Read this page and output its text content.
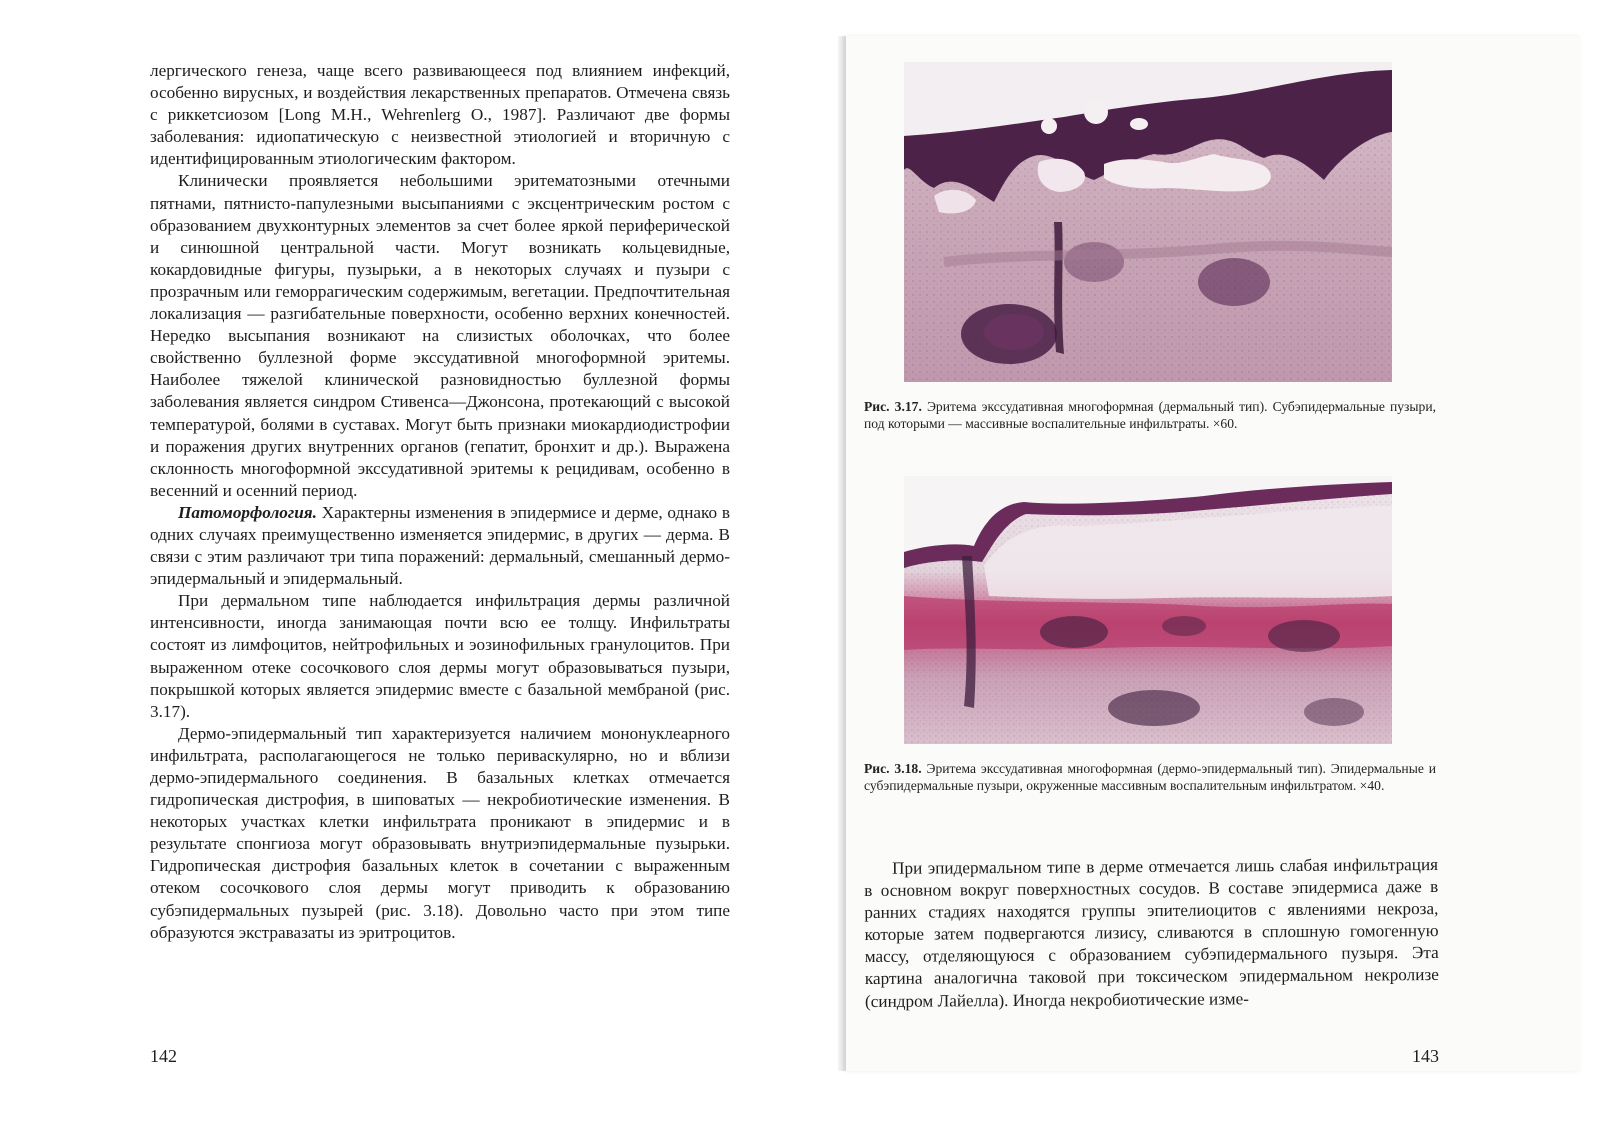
лергического генеза, чаще всего развивающееся под влиянием инфекций, особенно вирусных, и воздействия лекарственных препаратов. Отмечена связь с риккетсиозом [Long M.H., Wehrenlerg O., 1987]. Различают две формы заболевания: идиопатическую с неизвестной этиологией и вторичную с идентифицированным этиологическим фактором.

Клинически проявляется небольшими эритематозными отечными пятнами, пятнисто-папулезными высыпаниями с эксцентрическим ростом с образованием двухконтурных элементов за счет более яркой периферической и синюшной центральной части. Могут возникать кольцевидные, кокардовидные фигуры, пузырьки, а в некоторых случаях и пузыри с прозрачным или геморрагическим содержимым, вегетации. Предпочтительная локализация — разгибательные поверхности, особенно верхних конечностей. Нередко высыпания возникают на слизистых оболочках, что более свойственно буллезной форме экссудативной многоформной эритемы. Наиболее тяжелой клинической разновидностью буллезной формы заболевания является синдром Стивенса—Джонсона, протекающий с высокой температурой, болями в суставах. Могут быть признаки миокардиодистрофии и поражения других внутренних органов (гепатит, бронхит и др.). Выражена склонность многоформной экссудативной эритемы к рецидивам, особенно в весенний и осенний период.

Патоморфология. Характерны изменения в эпидермисе и дерме, однако в одних случаях преимущественно изменяется эпидермис, в других — дерма. В связи с этим различают три типа поражений: дермальный, смешанный дермо-эпидермальный и эпидермальный.

При дермальном типе наблюдается инфильтрация дермы различной интенсивности, иногда занимающая почти всю ее толщу. Инфильтраты состоят из лимфоцитов, нейтрофильных и эозинофильных гранулоцитов. При выраженном отеке сосочкового слоя дермы могут образовываться пузыри, покрышкой которых является эпидермис вместе с базальной мембраной (рис. 3.17).

Дермо-эпидермальный тип характеризуется наличием мононуклеарного инфильтрата, располагающегося не только периваскулярно, но и вблизи дермо-эпидермального соединения. В базальных клетках отмечается гидропическая дистрофия, в шиповатых — некробиотические изменения. В некоторых участках клетки инфильтрата проникают в эпидермис и в результате спонгиоза могут образовывать внутриэпидермальные пузырьки. Гидропическая дистрофия базальных клеток в сочетании с выраженным отеком сосочкового слоя дермы могут приводить к образованию субэпидермальных пузырей (рис. 3.18). Довольно часто при этом типе образуются экстравазаты из эритроцитов.

142
Рис. 3.17. Эритема экссудативная многоформная (дермальный тип). Субэпидермальные пузыри, под которыми — массивные воспалительные инфильтраты. ×60.
Рис. 3.18. Эритема экссудативная многоформная (дермо-эпидермальный тип). Эпидермальные и субэпидермальные пузыри, окруженные массивным воспалительным инфильтратом. ×40.

При эпидермальном типе в дерме отмечается лишь слабая инфильтрация в основном вокруг поверхностных сосудов. В составе эпидермиса даже в ранних стадиях находятся группы эпителиоцитов с явлениями некроза, которые затем подвергаются лизису, сливаются в сплошную гомогенную массу, отделяющуюся с образованием субэпидермального пузыря. Эта картина аналогична таковой при токсическом эпидермальном некролизе (синдром Лайелла). Иногда некробиотические изме-

143
